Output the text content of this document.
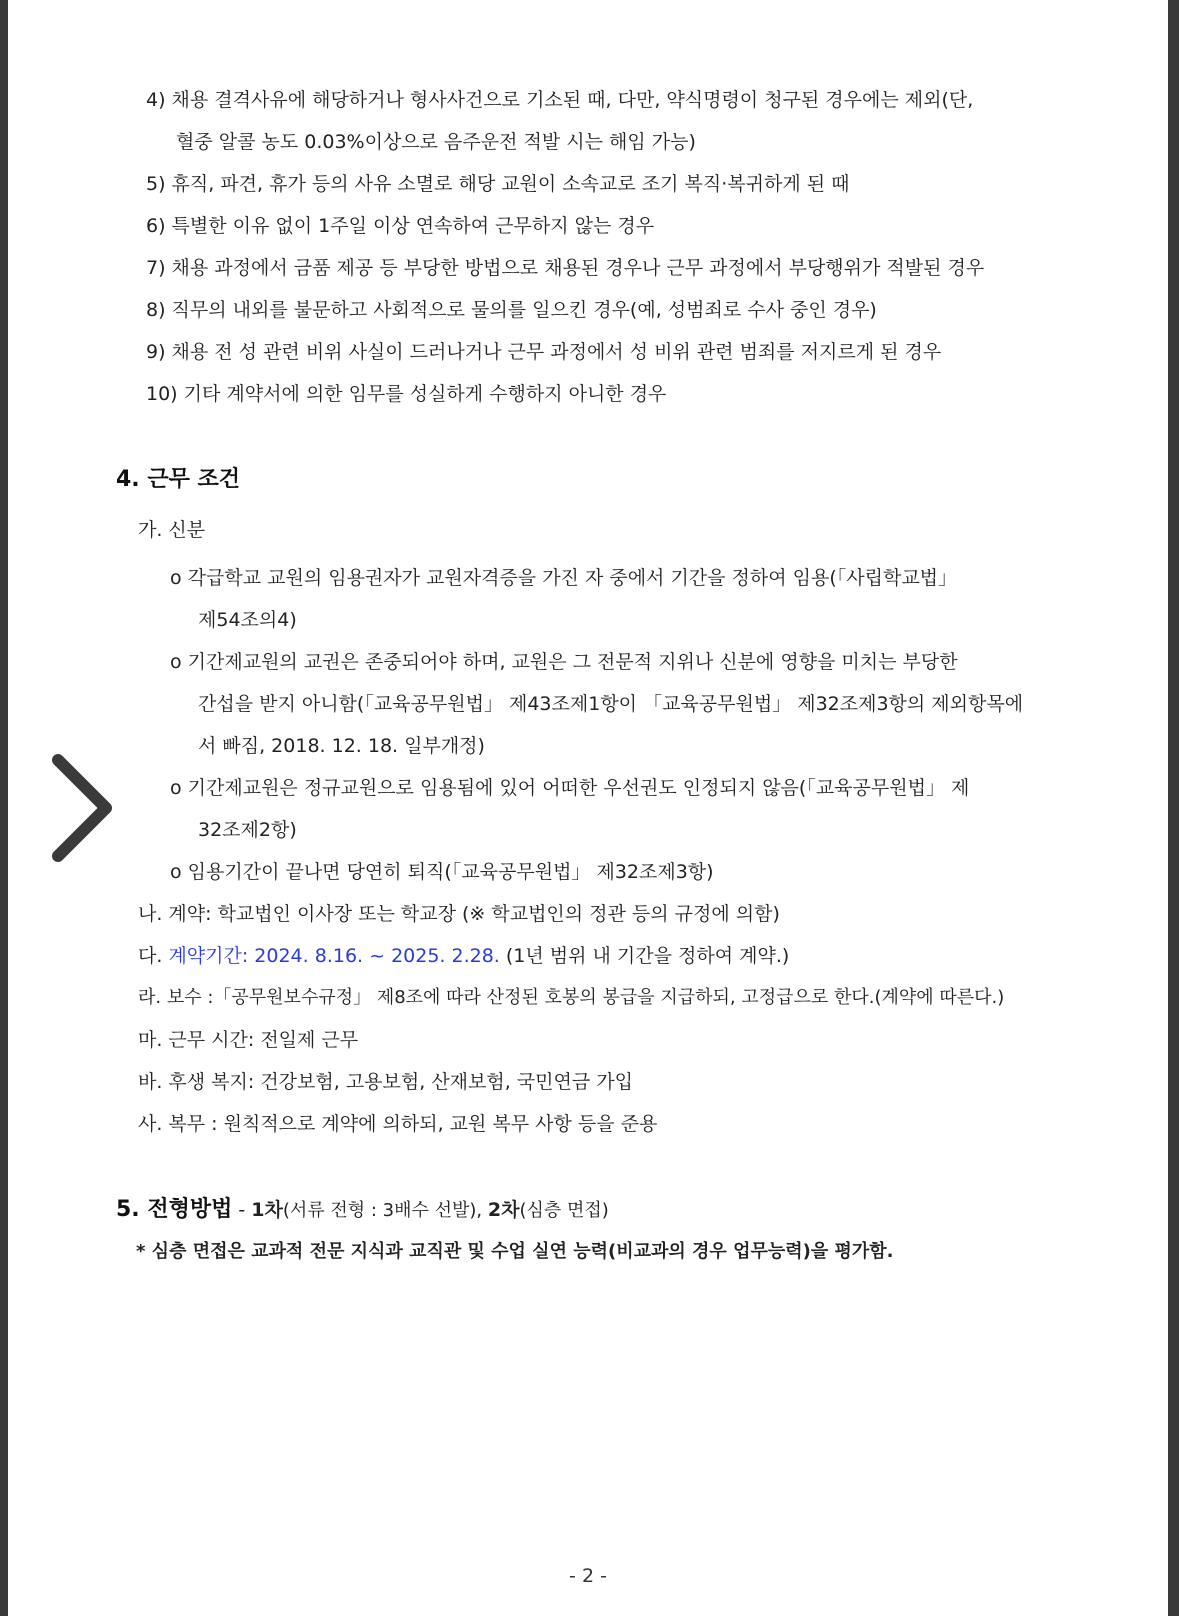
4) 채용 결격사유에 해당하거나 형사사건으로 기소된 때, 다만, 약식명령이 청구된 경우에는 제외(단,
혈중 알콜 농도 0.03%이상으로 음주운전 적발 시는 해임 가능)
5) 휴직, 파견, 휴가 등의 사유 소멸로 해당 교원이 소속교로 조기 복직·복귀하게 된 때
6) 특별한 이유 없이 1주일 이상 연속하여 근무하지 않는 경우
7) 채용 과정에서 금품 제공 등 부당한 방법으로 채용된 경우나 근무 과정에서 부당행위가 적발된 경우
8) 직무의 내외를 불문하고 사회적으로 물의를 일으킨 경우(예, 성범죄로 수사 중인 경우)
9) 채용 전 성 관련 비위 사실이 드러나거나 근무 과정에서 성 비위 관련 범죄를 저지르게 된 경우
10) 기타 계약서에 의한 임무를 성실하게 수행하지 아니한 경우
4. 근무 조건
가. 신분
o 각급학교 교원의 임용권자가 교원자격증을 가진 자 중에서 기간을 정하여 임용(「사립학교법」
제54조의4)
o 기간제교원의 교권은 존중되어야 하며, 교원은 그 전문적 지위나 신분에 영향을 미치는 부당한
간섭을 받지 아니함(「교육공무원법」 제43조제1항이 「교육공무원법」 제32조제3항의 제외항목에
서 빠짐, 2018. 12. 18. 일부개정)
o 기간제교원은 정규교원으로 임용됨에 있어 어떠한 우선권도 인정되지 않음(「교육공무원법」 제
32조제2항)
o 임용기간이 끝나면 당연히 퇴직(「교육공무원법」 제32조제3항)
나. 계약: 학교법인 이사장 또는 학교장 (※ 학교법인의 정관 등의 규정에 의함)
다. 계약기간: 2024. 8.16. ~ 2025. 2.28. (1년 범위 내 기간을 정하여 계약.)
라. 보수 :「공무원보수규정」 제8조에 따라 산정된 호봉의 봉급을 지급하되, 고정급으로 한다.(계약에 따른다.)
마. 근무 시간: 전일제 근무
바. 후생 복지: 건강보험, 고용보험, 산재보험, 국민연금 가입
사. 복무 : 원칙적으로 계약에 의하되, 교원 복무 사항 등을 준용
5. 전형방법 - 1차(서류 전형 : 3배수 선발), 2차(심층 면접)
* 심층 면접은 교과적 전문 지식과 교직관 및 수업 실연 능력(비교과의 경우 업무능력)을 평가함.
- 2 -
